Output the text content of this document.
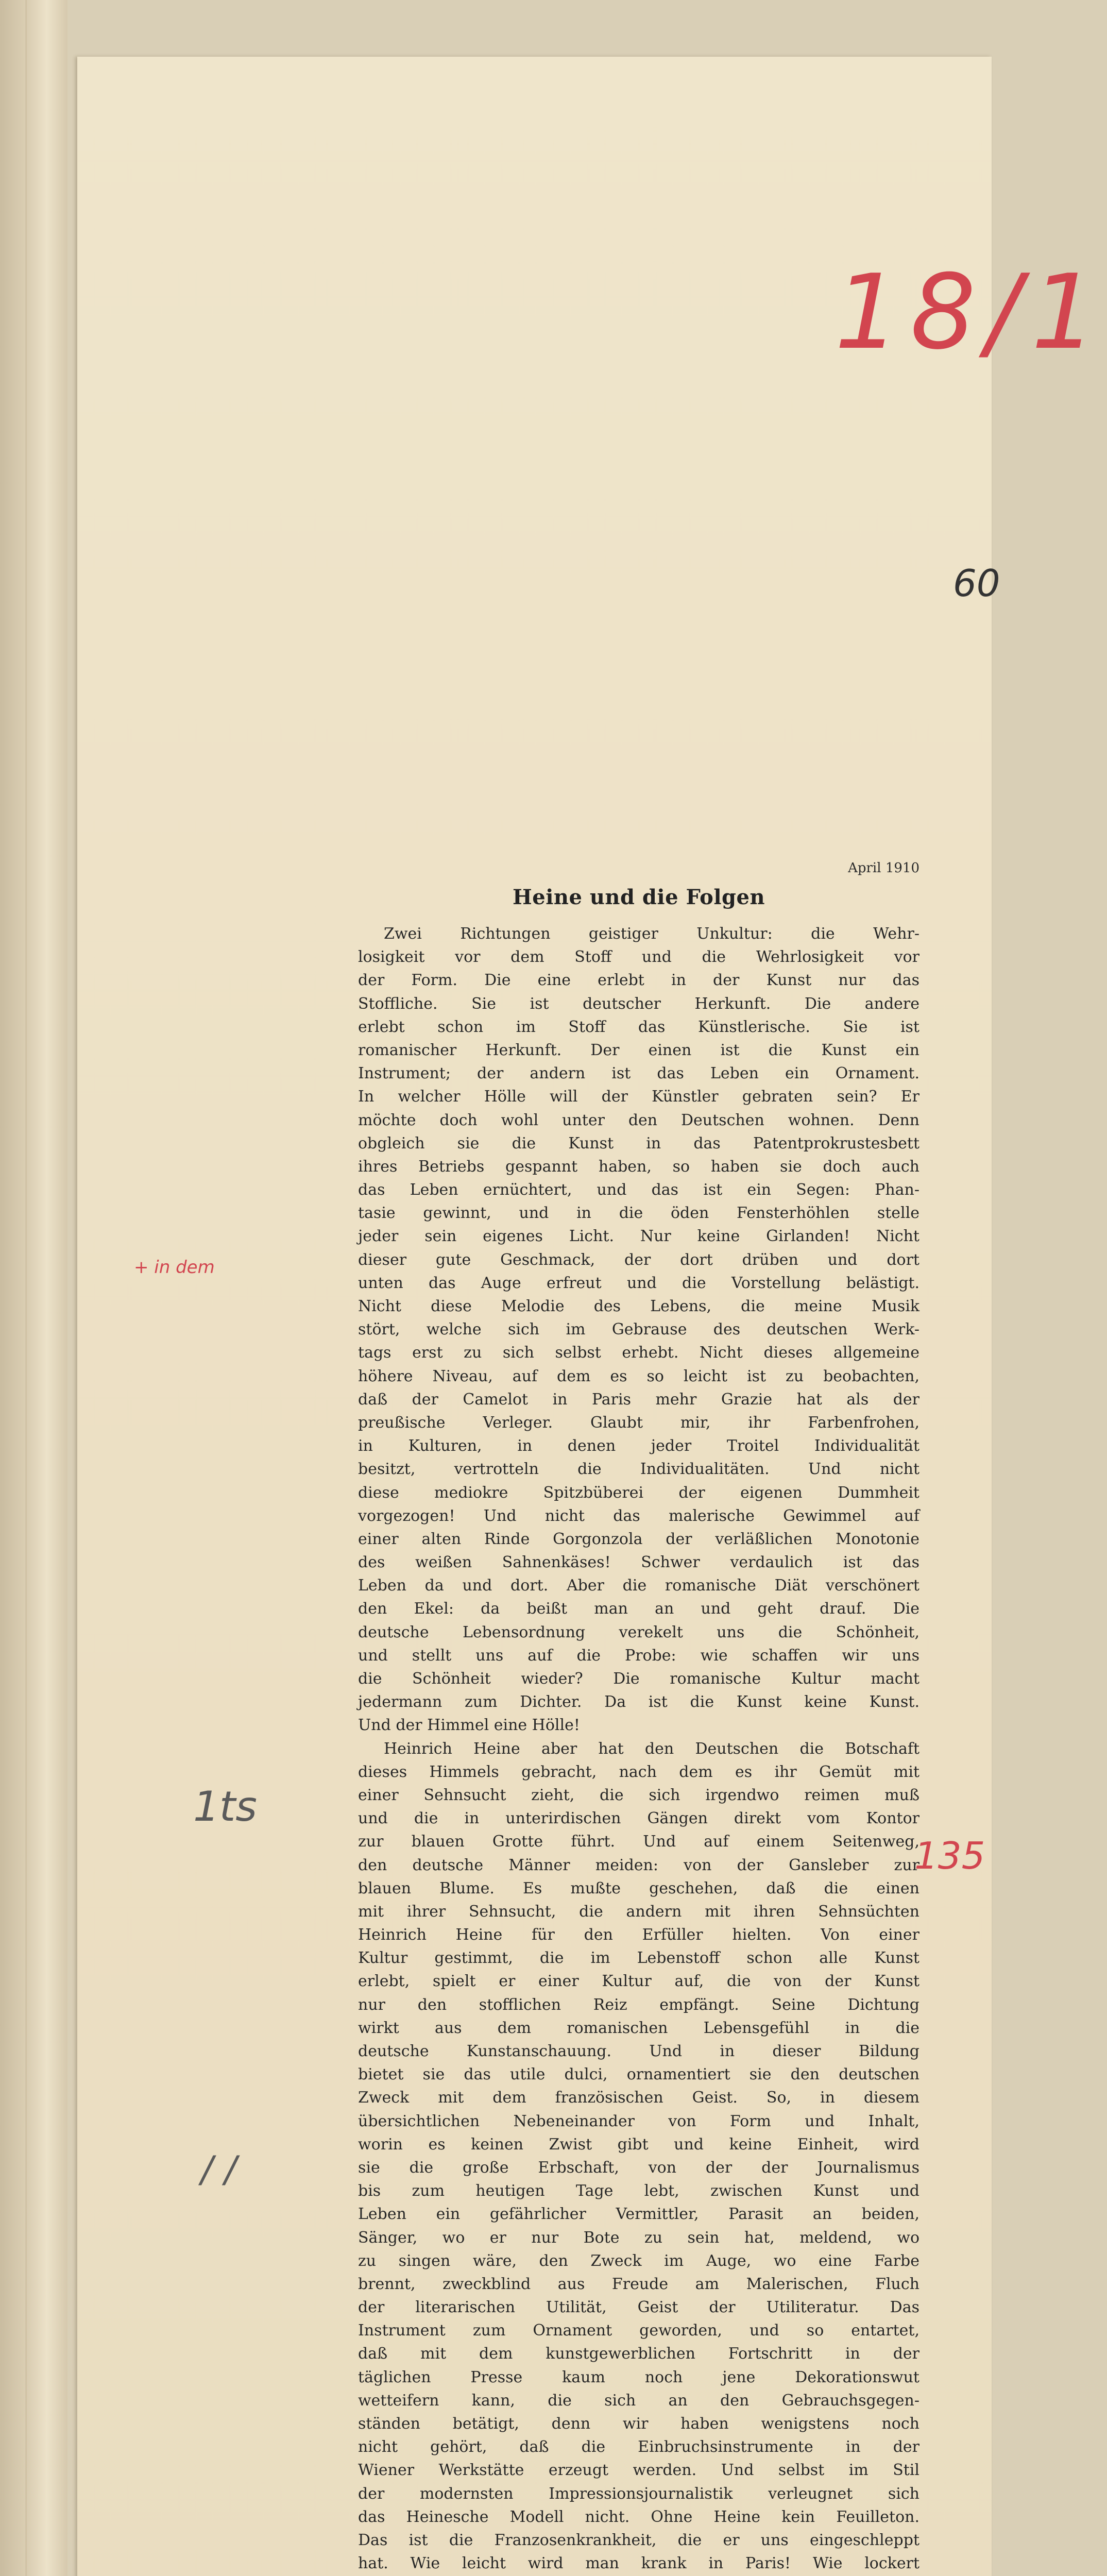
18/1
60
+ in dem
1ts
135
/ /
April 1910
Heine und die Folgen
Zwei Richtungen geistiger Unkultur: die Wehr-
losigkeit vor dem Stoff und die Wehrlosigkeit vor
der Form. Die eine erlebt in der Kunst nur das
Stoffliche. Sie ist deutscher Herkunft. Die andere
erlebt schon im Stoff das Künstlerische. Sie ist
romanischer Herkunft. Der einen ist die Kunst ein
Instrument; der andern ist das Leben ein Ornament.
In welcher Hölle will der Künstler gebraten sein? Er
möchte doch wohl unter den Deutschen wohnen. Denn
obgleich sie die Kunst in das Patentprokrustesbett
ihres Betriebs gespannt haben, so haben sie doch auch
das Leben ernüchtert, und das ist ein Segen: Phan-
tasie gewinnt, und in die öden Fensterhöhlen stelle
jeder sein eigenes Licht. Nur keine Girlanden! Nicht
dieser gute Geschmack, der dort drüben und dort
unten das Auge erfreut und die Vorstellung belästigt.
Nicht diese Melodie des Lebens, die meine Musik
stört, welche sich im Gebrause des deutschen Werk-
tags erst zu sich selbst erhebt. Nicht dieses allgemeine
höhere Niveau, auf dem es so leicht ist zu beobachten,
daß der Camelot in Paris mehr Grazie hat als der
preußische Verleger. Glaubt mir, ihr Farbenfrohen,
in Kulturen, in denen jeder Troitel Individualität
besitzt, vertrotteln die Individualitäten. Und nicht
diese mediokre Spitzbüberei der eigenen Dummheit
vorgezogen! Und nicht das malerische Gewimmel auf
einer alten Rinde Gorgonzola der verläßlichen Monotonie
des weißen Sahnenkäses! Schwer verdaulich ist das
Leben da und dort. Aber die romanische Diät verschönert
den Ekel: da beißt man an und geht drauf. Die
deutsche Lebensordnung verekelt uns die Schönheit,
und stellt uns auf die Probe: wie schaffen wir uns
die Schönheit wieder? Die romanische Kultur macht
jedermann zum Dichter. Da ist die Kunst keine Kunst.
Und der Himmel eine Hölle!
Heinrich Heine aber hat den Deutschen die Botschaft
dieses Himmels gebracht, nach dem es ihr Gemüt mit
einer Sehnsucht zieht, die sich irgendwo reimen muß
und die in unterirdischen Gängen direkt vom Kontor
zur blauen Grotte führt. Und auf einem Seitenweg,
den deutsche Männer meiden: von der Gansleber zur
blauen Blume. Es mußte geschehen, daß die einen
mit ihrer Sehnsucht, die andern mit ihren Sehnsüchten
Heinrich Heine für den Erfüller hielten. Von einer
Kultur gestimmt, die im Lebenstoff schon alle Kunst
erlebt, spielt er einer Kultur auf, die von der Kunst
nur den stofflichen Reiz empfängt. Seine Dichtung
wirkt aus dem romanischen Lebensgefühl in die
deutsche Kunstanschauung. Und in dieser Bildung
bietet sie das utile dulci, ornamentiert sie den deutschen
Zweck mit dem französischen Geist. So, in diesem
übersichtlichen Nebeneinander von Form und Inhalt,
worin es keinen Zwist gibt und keine Einheit, wird
sie die große Erbschaft, von der der Journalismus
bis zum heutigen Tage lebt, zwischen Kunst und
Leben ein gefährlicher Vermittler, Parasit an beiden,
Sänger, wo er nur Bote zu sein hat, meldend, wo
zu singen wäre, den Zweck im Auge, wo eine Farbe
brennt, zweckblind aus Freude am Malerischen, Fluch
der literarischen Utilität, Geist der Utiliteratur. Das
Instrument zum Ornament geworden, und so entartet,
daß mit dem kunstgewerblichen Fortschritt in der
täglichen Presse kaum noch jene Dekorationswut
wetteifern kann, die sich an den Gebrauchsgegen-
ständen betätigt, denn wir haben wenigstens noch
nicht gehört, daß die Einbruchsinstrumente in der
Wiener Werkstätte erzeugt werden. Und selbst im Stil
der modernsten Impressionsjournalistik verleugnet sich
das Heinesche Modell nicht. Ohne Heine kein Feuilleton.
Das ist die Franzosenkrankheit, die er uns eingeschleppt
hat. Wie leicht wird man krank in Paris! Wie lockert
